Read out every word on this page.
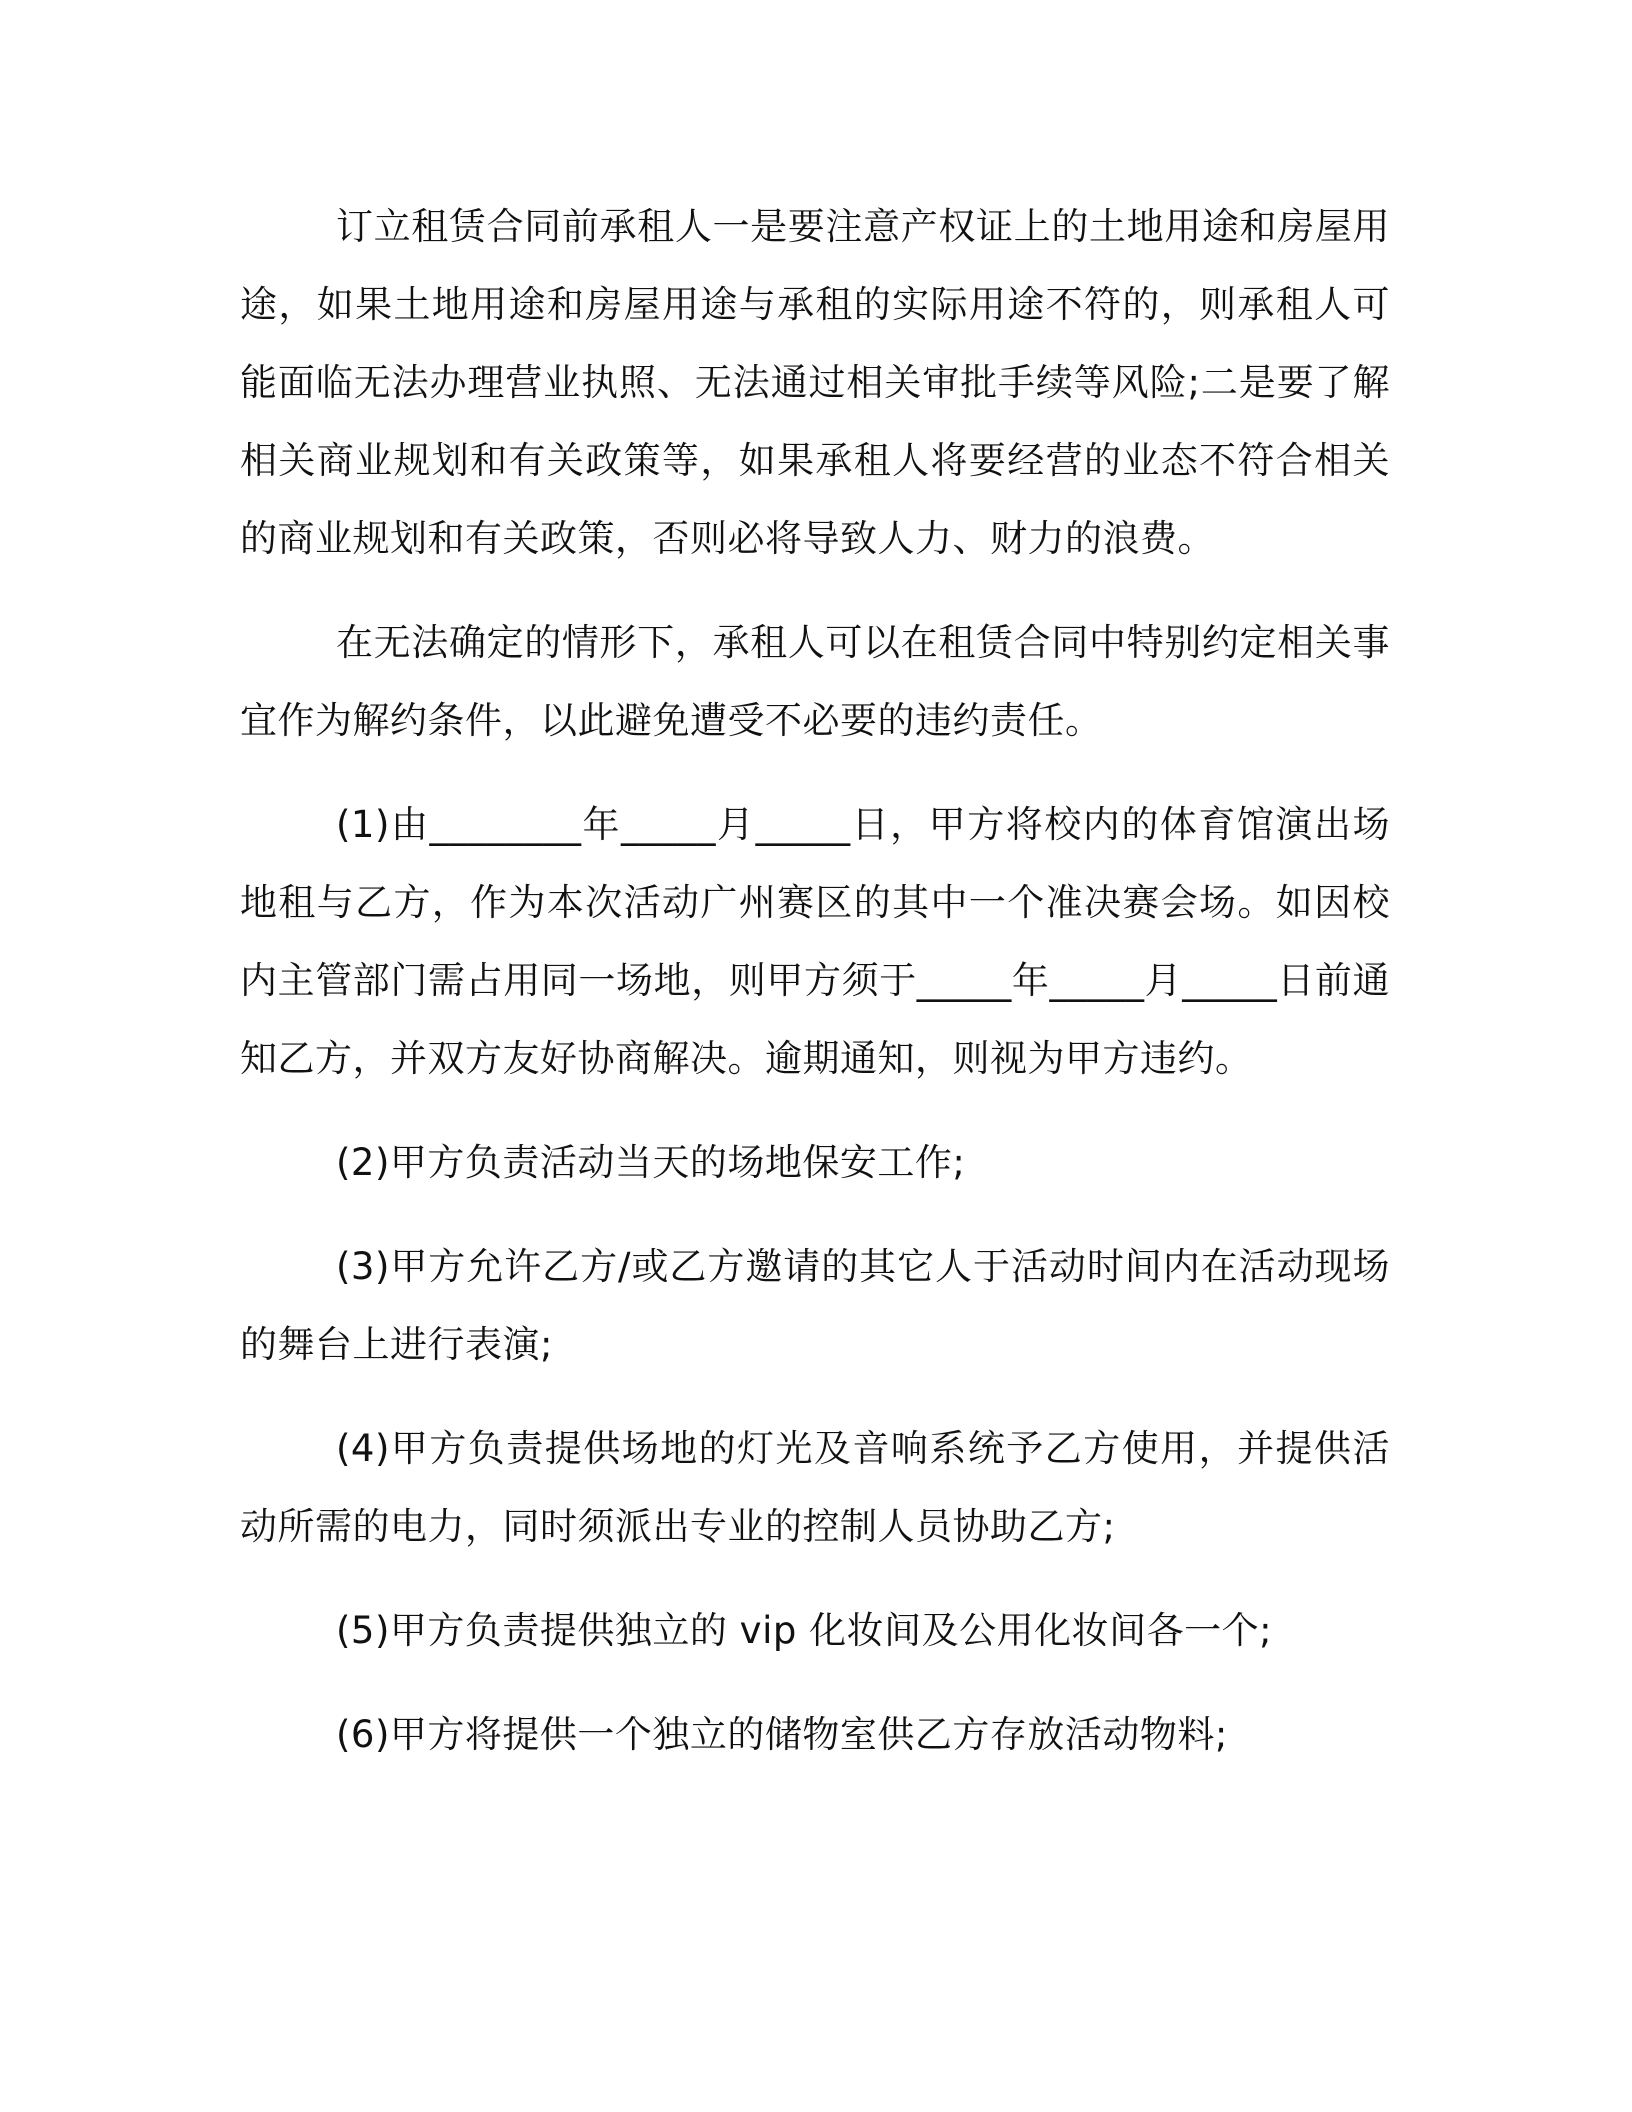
订立租赁合同前承租人一是要注意产权证上的土地用途和房屋用途，如果土地用途和房屋用途与承租的实际用途不符的，则承租人可能面临无法办理营业执照、无法通过相关审批手续等风险;二是要了解相关商业规划和有关政策等，如果承租人将要经营的业态不符合相关的商业规划和有关政策，否则必将导致人力、财力的浪费。

在无法确定的情形下，承租人可以在租赁合同中特别约定相关事宜作为解约条件，以此避免遭受不必要的违约责任。

(1)由________年_____月_____日，甲方将校内的体育馆演出场地租与乙方，作为本次活动广州赛区的其中一个准决赛会场。如因校内主管部门需占用同一场地，则甲方须于_____年_____月_____日前通知乙方，并双方友好协商解决。逾期通知，则视为甲方违约。

(2)甲方负责活动当天的场地保安工作;

(3)甲方允许乙方/或乙方邀请的其它人于活动时间内在活动现场的舞台上进行表演;

(4)甲方负责提供场地的灯光及音响系统予乙方使用，并提供活动所需的电力，同时须派出专业的控制人员协助乙方;

(5)甲方负责提供独立的 vip 化妆间及公用化妆间各一个;

(6)甲方将提供一个独立的储物室供乙方存放活动物料;
